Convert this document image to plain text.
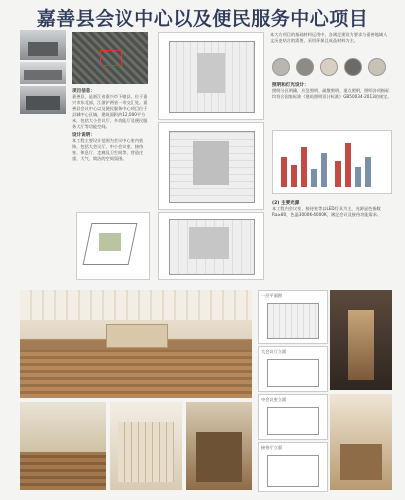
嘉善县会议中心以及便民服务中心项目
项目信息：
嘉善县，是浙江省嘉兴市下辖县，位于嘉兴市东北部，江浙沪两省一市交汇处。嘉善县会议中心以及便民服务中心项目位于县城中心区域，建筑面积约12,000平方米，包括大小会议厅、多功能厅及便民服务大厅等功能空间。
设计说明：
本工程主要设计范围为会议中心室内装饰，包括大会议厅、中小会议室、接待室、休息厅、走廊及卫生间等，营造庄重、大气、简洁的空间氛围。
本大方项目的基础材料运用中，各满足建设方要求与嘉善地域人文历史结合的需要，采用环保且成品材料为主。
照明和灯光设计：
照明分区明确，应急照明、疏散照明、重点照明，照明各项指标均符合国家标准《建筑照明设计标准》GB50034-2013的规定。
(2) 主要光源
本工程内会议室、接待室等以LED灯具为主，光源显色指数Ra≥80，色温3000K-4000K，满足会议及接待功能需求。
一层平面图
大会议厅立面
中会议室立面
接待厅立面
